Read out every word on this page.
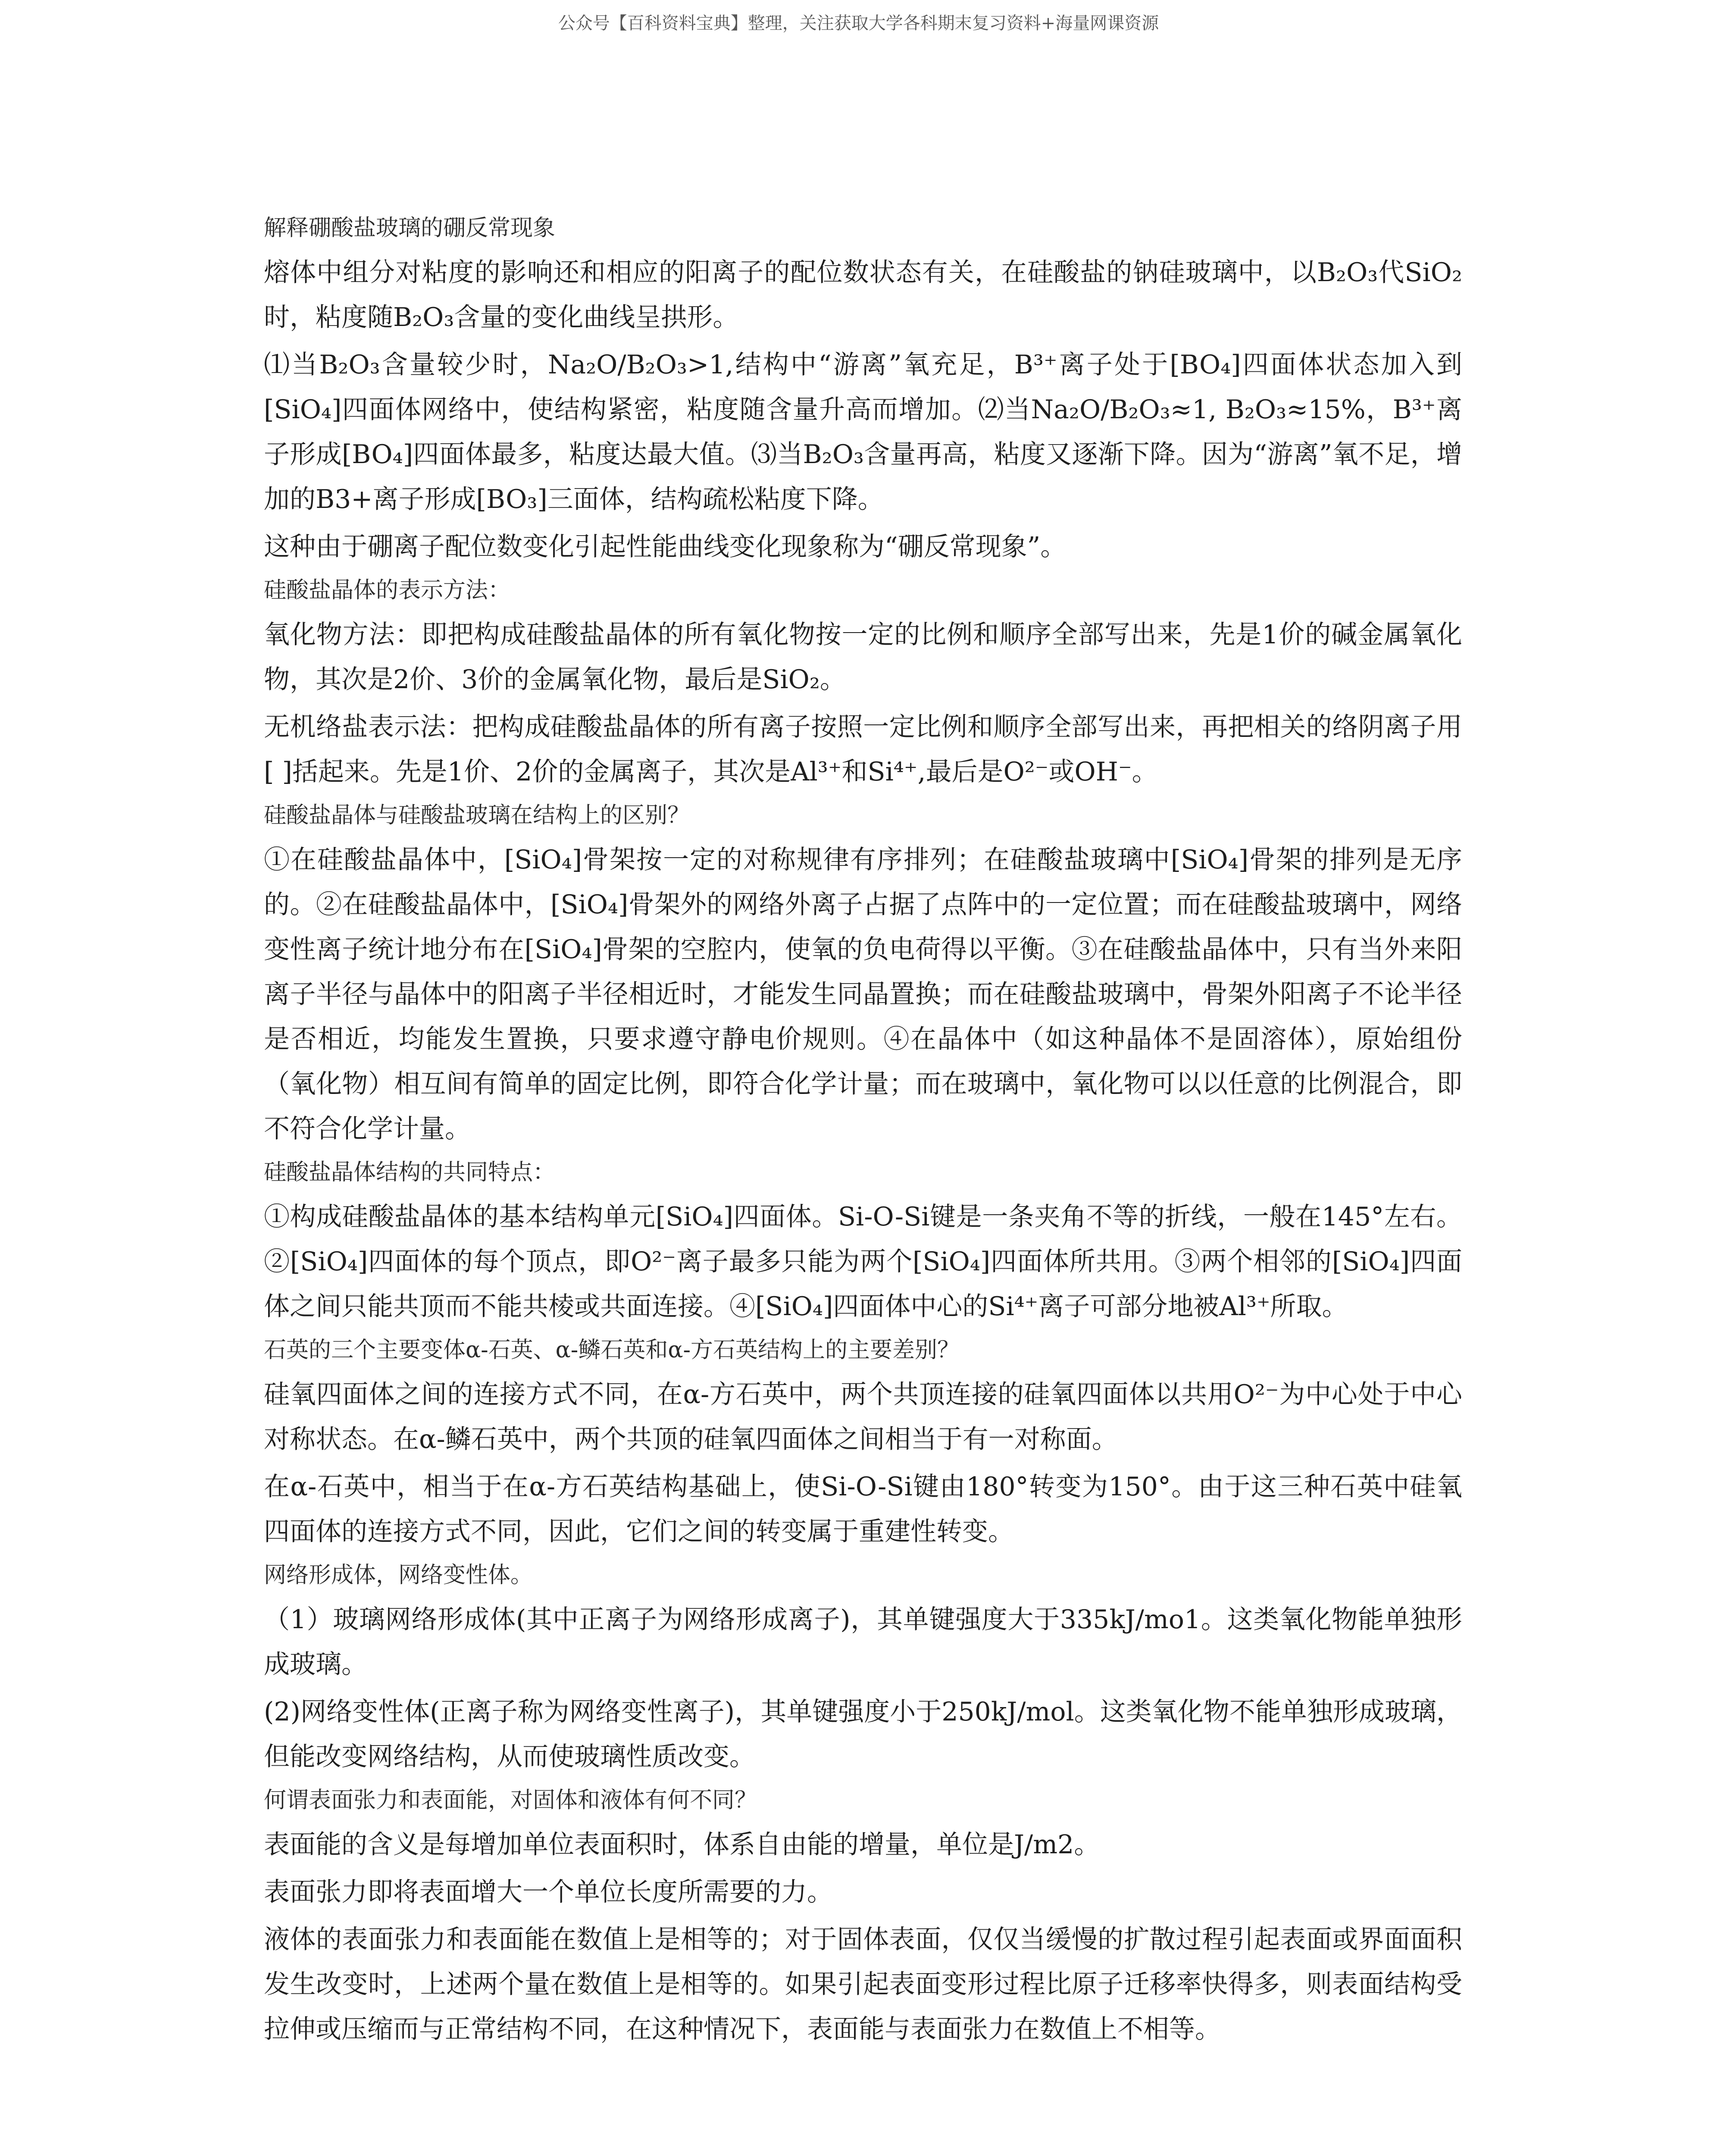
公众号【百科资料宝典】整理，关注获取大学各科期末复习资料+海量网课资源
解释硼酸盐玻璃的硼反常现象
熔体中组分对粘度的影响还和相应的阳离子的配位数状态有关，在硅酸盐的钠硅玻璃中，以B₂O₃代SiO₂时，粘度随B₂O₃含量的变化曲线呈拱形。
⑴当B₂O₃含量较少时，Na₂O/B₂O₃>1,结构中“游离”氧充足，B³⁺离子处于[BO₄]四面体状态加入到[SiO₄]四面体网络中，使结构紧密，粘度随含量升高而增加。⑵当Na₂O/B₂O₃≈1, B₂O₃≈15%，B³⁺离子形成[BO₄]四面体最多，粘度达最大值。⑶当B₂O₃含量再高，粘度又逐渐下降。因为“游离”氧不足，增加的B3+离子形成[BO₃]三面体，结构疏松粘度下降。
这种由于硼离子配位数变化引起性能曲线变化现象称为“硼反常现象”。
硅酸盐晶体的表示方法：
氧化物方法：即把构成硅酸盐晶体的所有氧化物按一定的比例和顺序全部写出来，先是1价的碱金属氧化物，其次是2价、3价的金属氧化物，最后是SiO₂。
无机络盐表示法：把构成硅酸盐晶体的所有离子按照一定比例和顺序全部写出来，再把相关的络阴离子用[ ]括起来。先是1价、2价的金属离子，其次是Al³⁺和Si⁴⁺,最后是O²⁻或OH⁻。
硅酸盐晶体与硅酸盐玻璃在结构上的区别？
①在硅酸盐晶体中，[SiO₄]骨架按一定的对称规律有序排列；在硅酸盐玻璃中[SiO₄]骨架的排列是无序的。②在硅酸盐晶体中，[SiO₄]骨架外的网络外离子占据了点阵中的一定位置；而在硅酸盐玻璃中，网络变性离子统计地分布在[SiO₄]骨架的空腔内，使氧的负电荷得以平衡。③在硅酸盐晶体中，只有当外来阳离子半径与晶体中的阳离子半径相近时，才能发生同晶置换；而在硅酸盐玻璃中，骨架外阳离子不论半径是否相近，均能发生置换，只要求遵守静电价规则。④在晶体中（如这种晶体不是固溶体），原始组份（氧化物）相互间有简单的固定比例，即符合化学计量；而在玻璃中，氧化物可以以任意的比例混合，即不符合化学计量。
硅酸盐晶体结构的共同特点：
①构成硅酸盐晶体的基本结构单元[SiO₄]四面体。Si-O-Si键是一条夹角不等的折线，一般在145°左右。②[SiO₄]四面体的每个顶点，即O²⁻离子最多只能为两个[SiO₄]四面体所共用。③两个相邻的[SiO₄]四面体之间只能共顶而不能共棱或共面连接。④[SiO₄]四面体中心的Si⁴⁺离子可部分地被Al³⁺所取。
石英的三个主要变体α-石英、α-鳞石英和α-方石英结构上的主要差别？
硅氧四面体之间的连接方式不同，在α-方石英中，两个共顶连接的硅氧四面体以共用O²⁻为中心处于中心对称状态。在α-鳞石英中，两个共顶的硅氧四面体之间相当于有一对称面。
在α-石英中，相当于在α-方石英结构基础上，使Si-O-Si键由180°转变为150°。由于这三种石英中硅氧四面体的连接方式不同，因此，它们之间的转变属于重建性转变。
网络形成体，网络变性体。
（1）玻璃网络形成体(其中正离子为网络形成离子)，其单键强度大于335kJ/mo1。这类氧化物能单独形成玻璃。
(2)网络变性体(正离子称为网络变性离子)，其单键强度小于250kJ/mol。这类氧化物不能单独形成玻璃，但能改变网络结构，从而使玻璃性质改变。
何谓表面张力和表面能，对固体和液体有何不同？
表面能的含义是每增加单位表面积时，体系自由能的增量，单位是J/m2。
表面张力即将表面增大一个单位长度所需要的力。
液体的表面张力和表面能在数值上是相等的；对于固体表面，仅仅当缓慢的扩散过程引起表面或界面面积发生改变时，上述两个量在数值上是相等的。如果引起表面变形过程比原子迁移率快得多，则表面结构受拉伸或压缩而与正常结构不同，在这种情况下，表面能与表面张力在数值上不相等。
